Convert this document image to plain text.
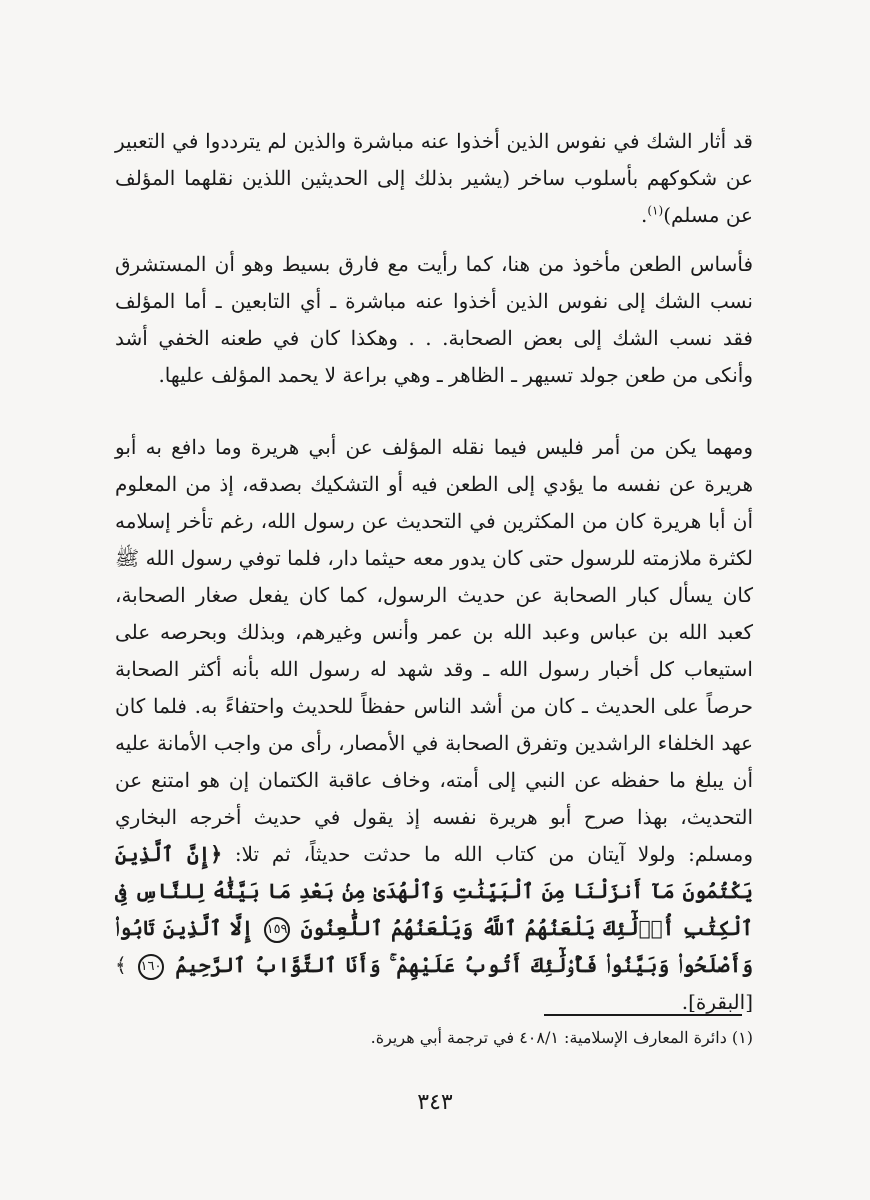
قد أثار الشك في نفوس الذين أخذوا عنه مباشرة والذين لم يترددوا في التعبير عن شكوكهم بأسلوب ساخر (يشير بذلك إلى الحديثين اللذين نقلهما المؤلف عن مسلم)$^{(١)}$.

فأساس الطعن مأخوذ من هنا، كما رأيت مع فارق بسيط وهو أن المستشرق نسب الشك إلى نفوس الذين أخذوا عنه مباشرة ـ أي التابعين ـ أما المؤلف فقد نسب الشك إلى بعض الصحابة. . . وهكذا كان في طعنه الخفي أشد وأنكى من طعن جولد تسيهر ـ الظاهر ـ وهي براعة لا يحمد المؤلف عليها.

ومهما يكن من أمر فليس فيما نقله المؤلف عن أبي هريرة وما دافع به أبو هريرة عن نفسه ما يؤدي إلى الطعن فيه أو التشكيك بصدقه، إذ من المعلوم أن أبا هريرة كان من المكثرين في التحديث عن رسول الله، رغم تأخر إسلامه لكثرة ملازمته للرسول حتى كان يدور معه حيثما دار، فلما توفي رسول الله ﷺ كان يسأل كبار الصحابة عن حديث الرسول، كما كان يفعل صغار الصحابة، كعبد الله بن عباس وعبد الله بن عمر وأنس وغيرهم، وبذلك وبحرصه على استيعاب كل أخبار رسول الله ـ وقد شهد له رسول الله بأنه أكثر الصحابة حرصاً على الحديث ـ كان من أشد الناس حفظاً للحديث واحتفاءً به. فلما كان عهد الخلفاء الراشدين وتفرق الصحابة في الأمصار، رأى من واجب الأمانة عليه أن يبلغ ما حفظه عن النبي إلى أمته، وخاف عاقبة الكتمان إن هو امتنع عن التحديث، بهذا صرح أبو هريرة نفسه إذ يقول في حديث أخرجه البخاري ومسلم: ولولا آيتان من كتاب الله ما حدثت حديثاً، ثم تلا: ﴿إِنَّ ٱلَّذِينَ يَكْتُمُونَ مَآ أَنزَلْنَا مِنَ ٱلْبَيِّنَٰتِ وَٱلْهُدَىٰ مِنۢ بَعْدِ مَا بَيَّنَّٰهُ لِلنَّاسِ فِى ٱلْكِتَٰبِ أُو۟لَٰٓئِكَ يَلْعَنُهُمُ ٱللَّهُ وَيَلْعَنُهُمُ ٱللَّٰعِنُونَ ١٥٩ إِلَّا ٱلَّذِينَ تَابُوا۟ وَأَصْلَحُوا۟ وَبَيَّنُوا۟ فَأُو۟لَٰٓئِكَ أَتُوبُ عَلَيْهِمْ ۚ وَأَنَا ٱلتَّوَّابُ ٱلرَّحِيمُ ١٦٠ ﴾ [البقرة].

(١) دائرة المعارف الإسلامية: ٤٠٨/١ في ترجمة أبي هريرة.
٣٤٣
